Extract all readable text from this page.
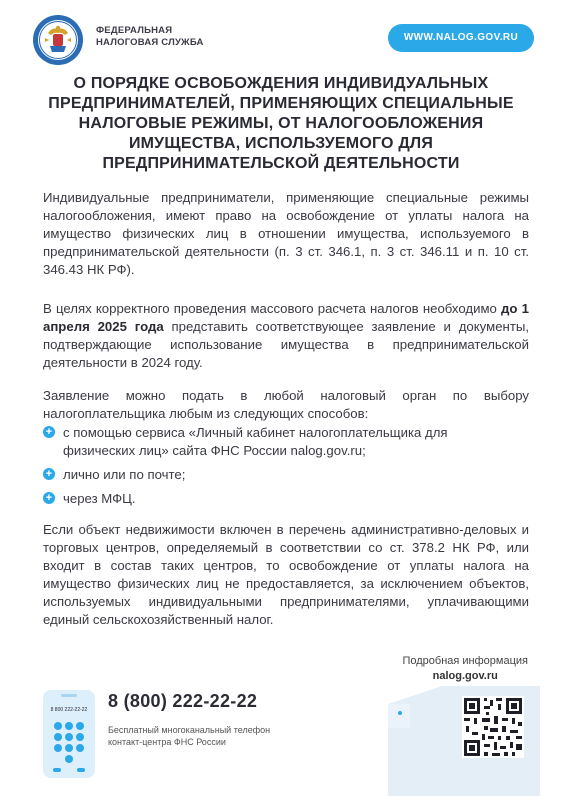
ФЕДЕРАЛЬНАЯ
НАЛОГОВАЯ СЛУЖБА	WWW.NALOG.GOV.RU
О ПОРЯДКЕ ОСВОБОЖДЕНИЯ ИНДИВИДУАЛЬНЫХ ПРЕДПРИНИМАТЕЛЕЙ, ПРИМЕНЯЮЩИХ СПЕЦИАЛЬНЫЕ НАЛОГОВЫЕ РЕЖИМЫ, ОТ НАЛОГООБЛОЖЕНИЯ ИМУЩЕСТВА, ИСПОЛЬЗУЕМОГО ДЛЯ ПРЕДПРИНИМАТЕЛЬСКОЙ ДЕЯТЕЛЬНОСТИ
Индивидуальные предприниматели, применяющие специальные режимы налогообложения, имеют право на освобождение от уплаты налога на имущество физических лиц в отношении имущества, используемого в предпринимательской деятельности (п. 3 ст. 346.1, п. 3 ст. 346.11 и п. 10 ст. 346.43 НК РФ).
В целях корректного проведения массового расчета налогов необходимо до 1 апреля 2025 года представить соответствующее заявление и документы, подтверждающие использование имущества в предпринимательской деятельности в 2024 году.
Заявление можно подать в любой налоговый орган по выбору налогоплательщика любым из следующих способов:
+ с помощью сервиса «Личный кабинет налогоплательщика для физических лиц» сайта ФНС России nalog.gov.ru;
+ лично или по почте;
+ через МФЦ.
Если объект недвижимости включен в перечень административно-деловых и торговых центров, определяемый в соответствии со ст. 378.2 НК РФ, или входит в состав таких центров, то освобождение от уплаты налога на имущество физических лиц не предоставляется, за исключением объектов, используемых индивидуальными предпринимателями, уплачивающими единый сельскохозяйственный налог.
Подробная информация
nalog.gov.ru
8 800 222-22-22 8 (800) 222-22-22
Бесплатный многоканальный телефон
контакт-центра ФНС России
